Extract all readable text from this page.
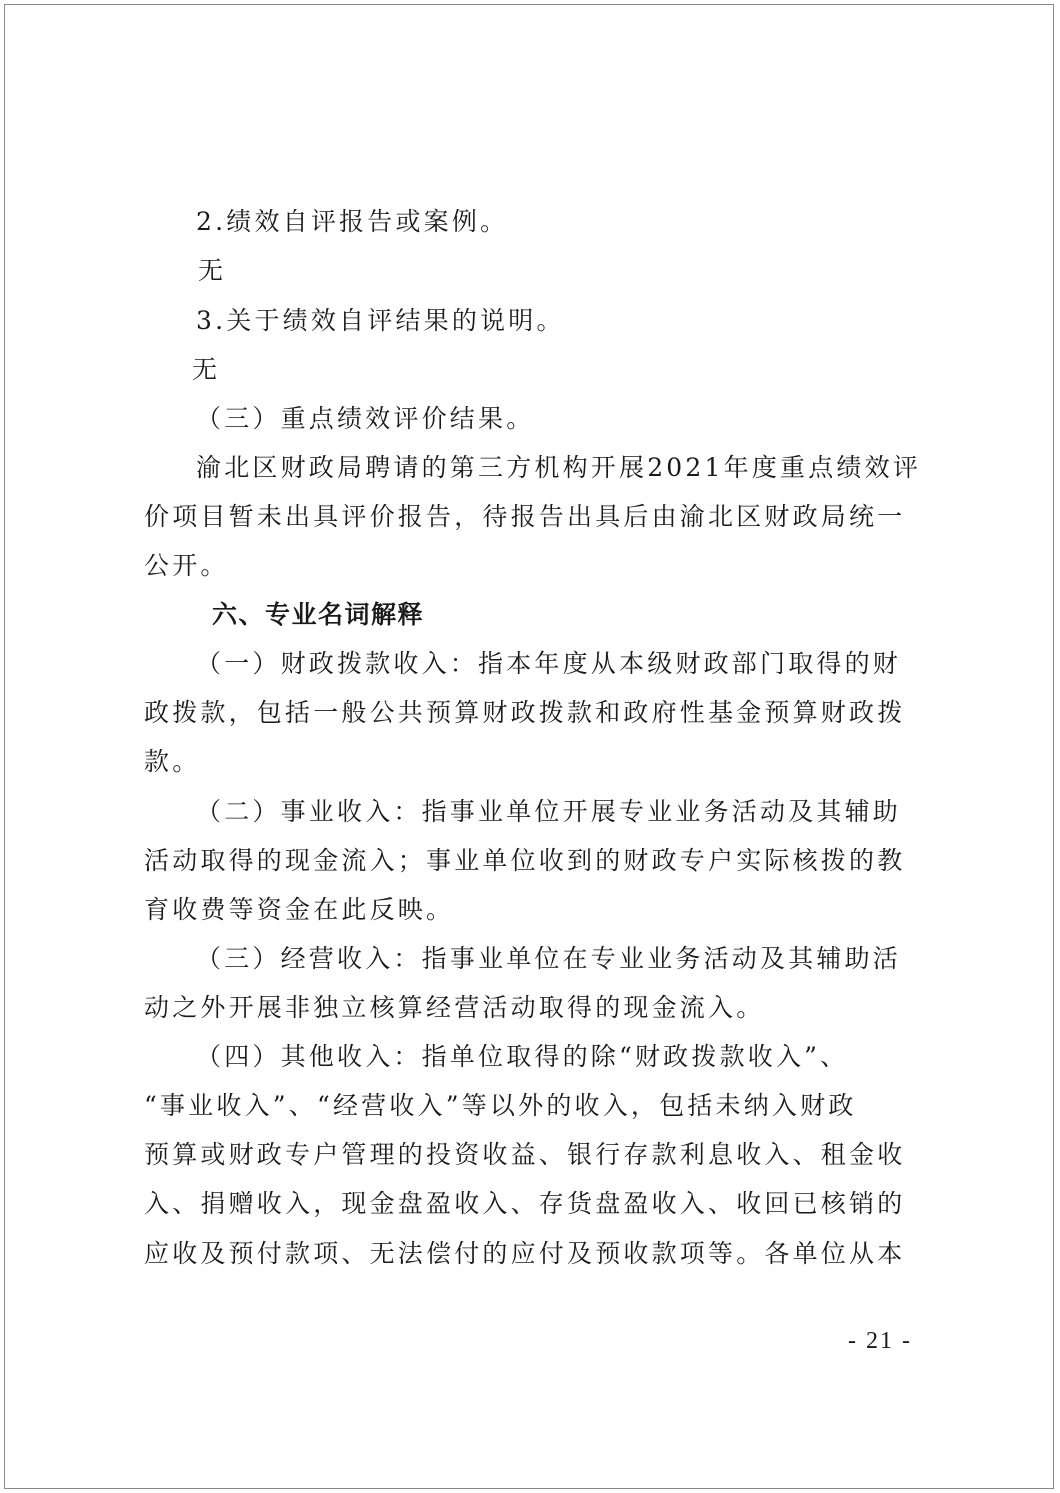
2.绩效自评报告或案例。
无
3.关于绩效自评结果的说明。
无
（三）重点绩效评价结果。
渝北区财政局聘请的第三方机构开展2021年度重点绩效评
价项目暂未出具评价报告，待报告出具后由渝北区财政局统一
公开。
六、专业名词解释
（一）财政拨款收入：指本年度从本级财政部门取得的财
政拨款，包括一般公共预算财政拨款和政府性基金预算财政拨
款。
（二）事业收入：指事业单位开展专业业务活动及其辅助
活动取得的现金流入；事业单位收到的财政专户实际核拨的教
育收费等资金在此反映。
（三）经营收入：指事业单位在专业业务活动及其辅助活
动之外开展非独立核算经营活动取得的现金流入。
（四）其他收入：指单位取得的除“财政拨款收入”、
“事业收入”、“经营收入”等以外的收入，包括未纳入财政
预算或财政专户管理的投资收益、银行存款利息收入、租金收
入、捐赠收入，现金盘盈收入、存货盘盈收入、收回已核销的
应收及预付款项、无法偿付的应付及预收款项等。各单位从本
- 21 -
